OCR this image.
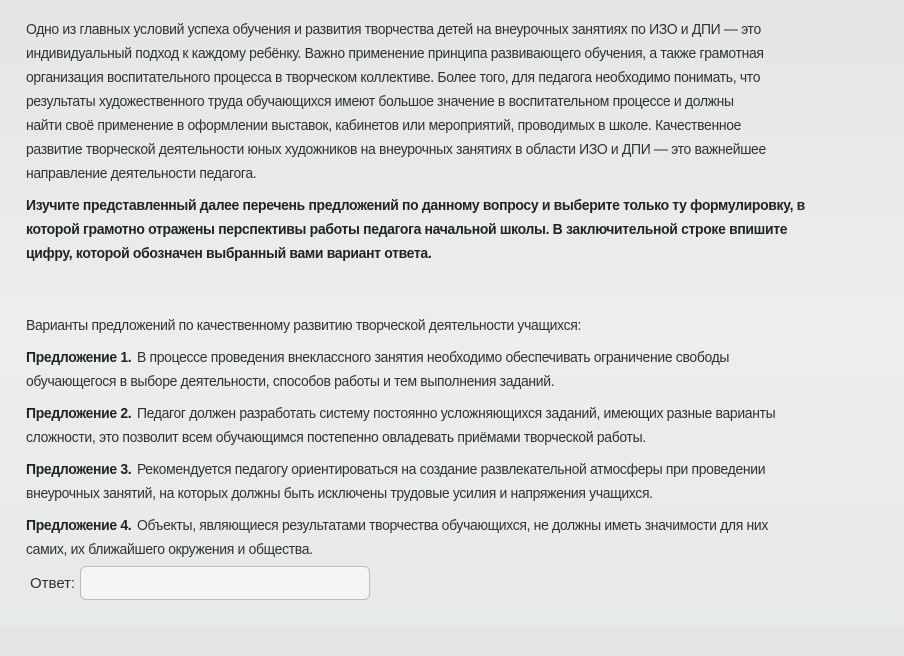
Одно из главных условий успеха обучения и развития творчества детей на внеурочных занятиях по ИЗО и ДПИ — это
индивидуальный подход к каждому ребёнку. Важно применение принципа развивающего обучения, а также грамотная
организация воспитательного процесса в творческом коллективе. Более того, для педагога необходимо понимать, что
результаты художественного труда обучающихся имеют большое значение в воспитательном процессе и должны
найти своё применение в оформлении выставок, кабинетов или мероприятий, проводимых в школе. Качественное
развитие творческой деятельности юных художников на внеурочных занятиях в области ИЗО и ДПИ — это важнейшее
направление деятельности педагога.
Изучите представленный далее перечень предложений по данному вопросу и выберите только ту формулировку, в
которой грамотно отражены перспективы работы педагога начальной школы. В заключительной строке впишите
цифру, которой обозначен выбранный вами вариант ответа.
Варианты предложений по качественному развитию творческой деятельности учащихся:
Предложение 1. В процессе проведения внеклассного занятия необходимо обеспечивать ограничение свободы
обучающегося в выборе деятельности, способов работы и тем выполнения заданий.
Предложение 2. Педагог должен разработать систему постоянно усложняющихся заданий, имеющих разные варианты
сложности, это позволит всем обучающимся постепенно овладевать приёмами творческой работы.
Предложение 3. Рекомендуется педагогу ориентироваться на создание развлекательной атмосферы при проведении
внеурочных занятий, на которых должны быть исключены трудовые усилия и напряжения учащихся.
Предложение 4. Объекты, являющиеся результатами творчества обучающихся, не должны иметь значимости для них
самих, их ближайшего окружения и общества.
Ответ:
